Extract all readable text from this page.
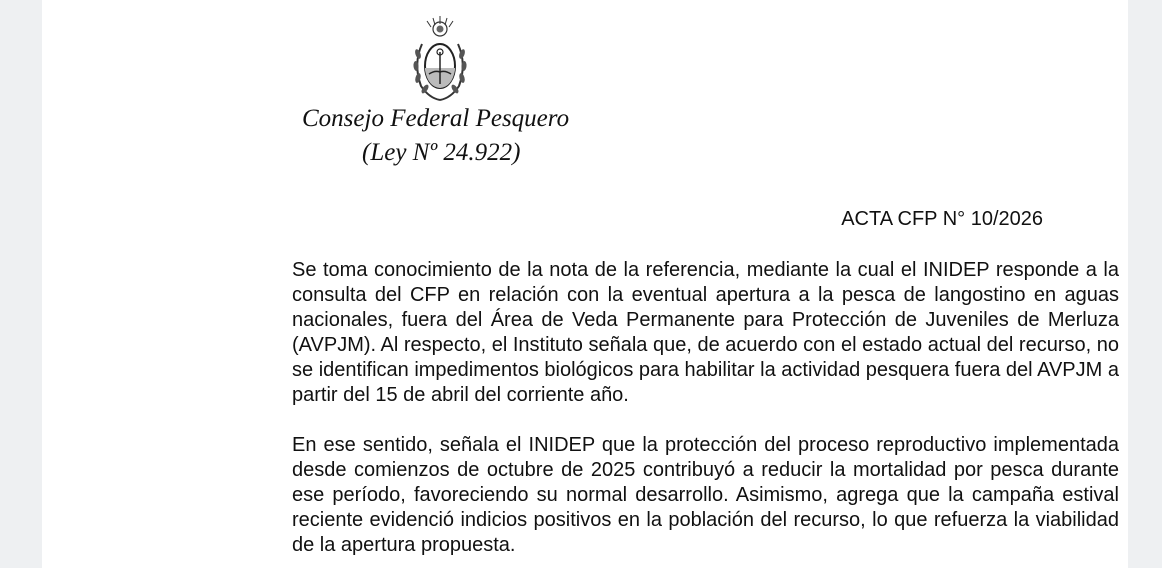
Consejo Federal Pesquero
(Ley Nº 24.922)
ACTA CFP N° 10/2026

Se toma conocimiento de la nota de la referencia, mediante la cual el INIDEP responde a la consulta del CFP en relación con la eventual apertura a la pesca de langostino en aguas nacionales, fuera del Área de Veda Permanente para Protección de Juveniles de Merluza (AVPJM). Al respecto, el Instituto señala que, de acuerdo con el estado actual del recurso, no se identifican impedimentos biológicos para habilitar la actividad pesquera fuera del AVPJM a partir del 15 de abril del corriente año.

En ese sentido, señala el INIDEP que la protección del proceso reproductivo implementada desde comienzos de octubre de 2025 contribuyó a reducir la mortalidad por pesca durante ese período, favoreciendo su normal desarrollo. Asimismo, agrega que la campaña estival reciente evidenció indicios positivos en la población del recurso, lo que refuerza la viabilidad de la apertura propuesta.
